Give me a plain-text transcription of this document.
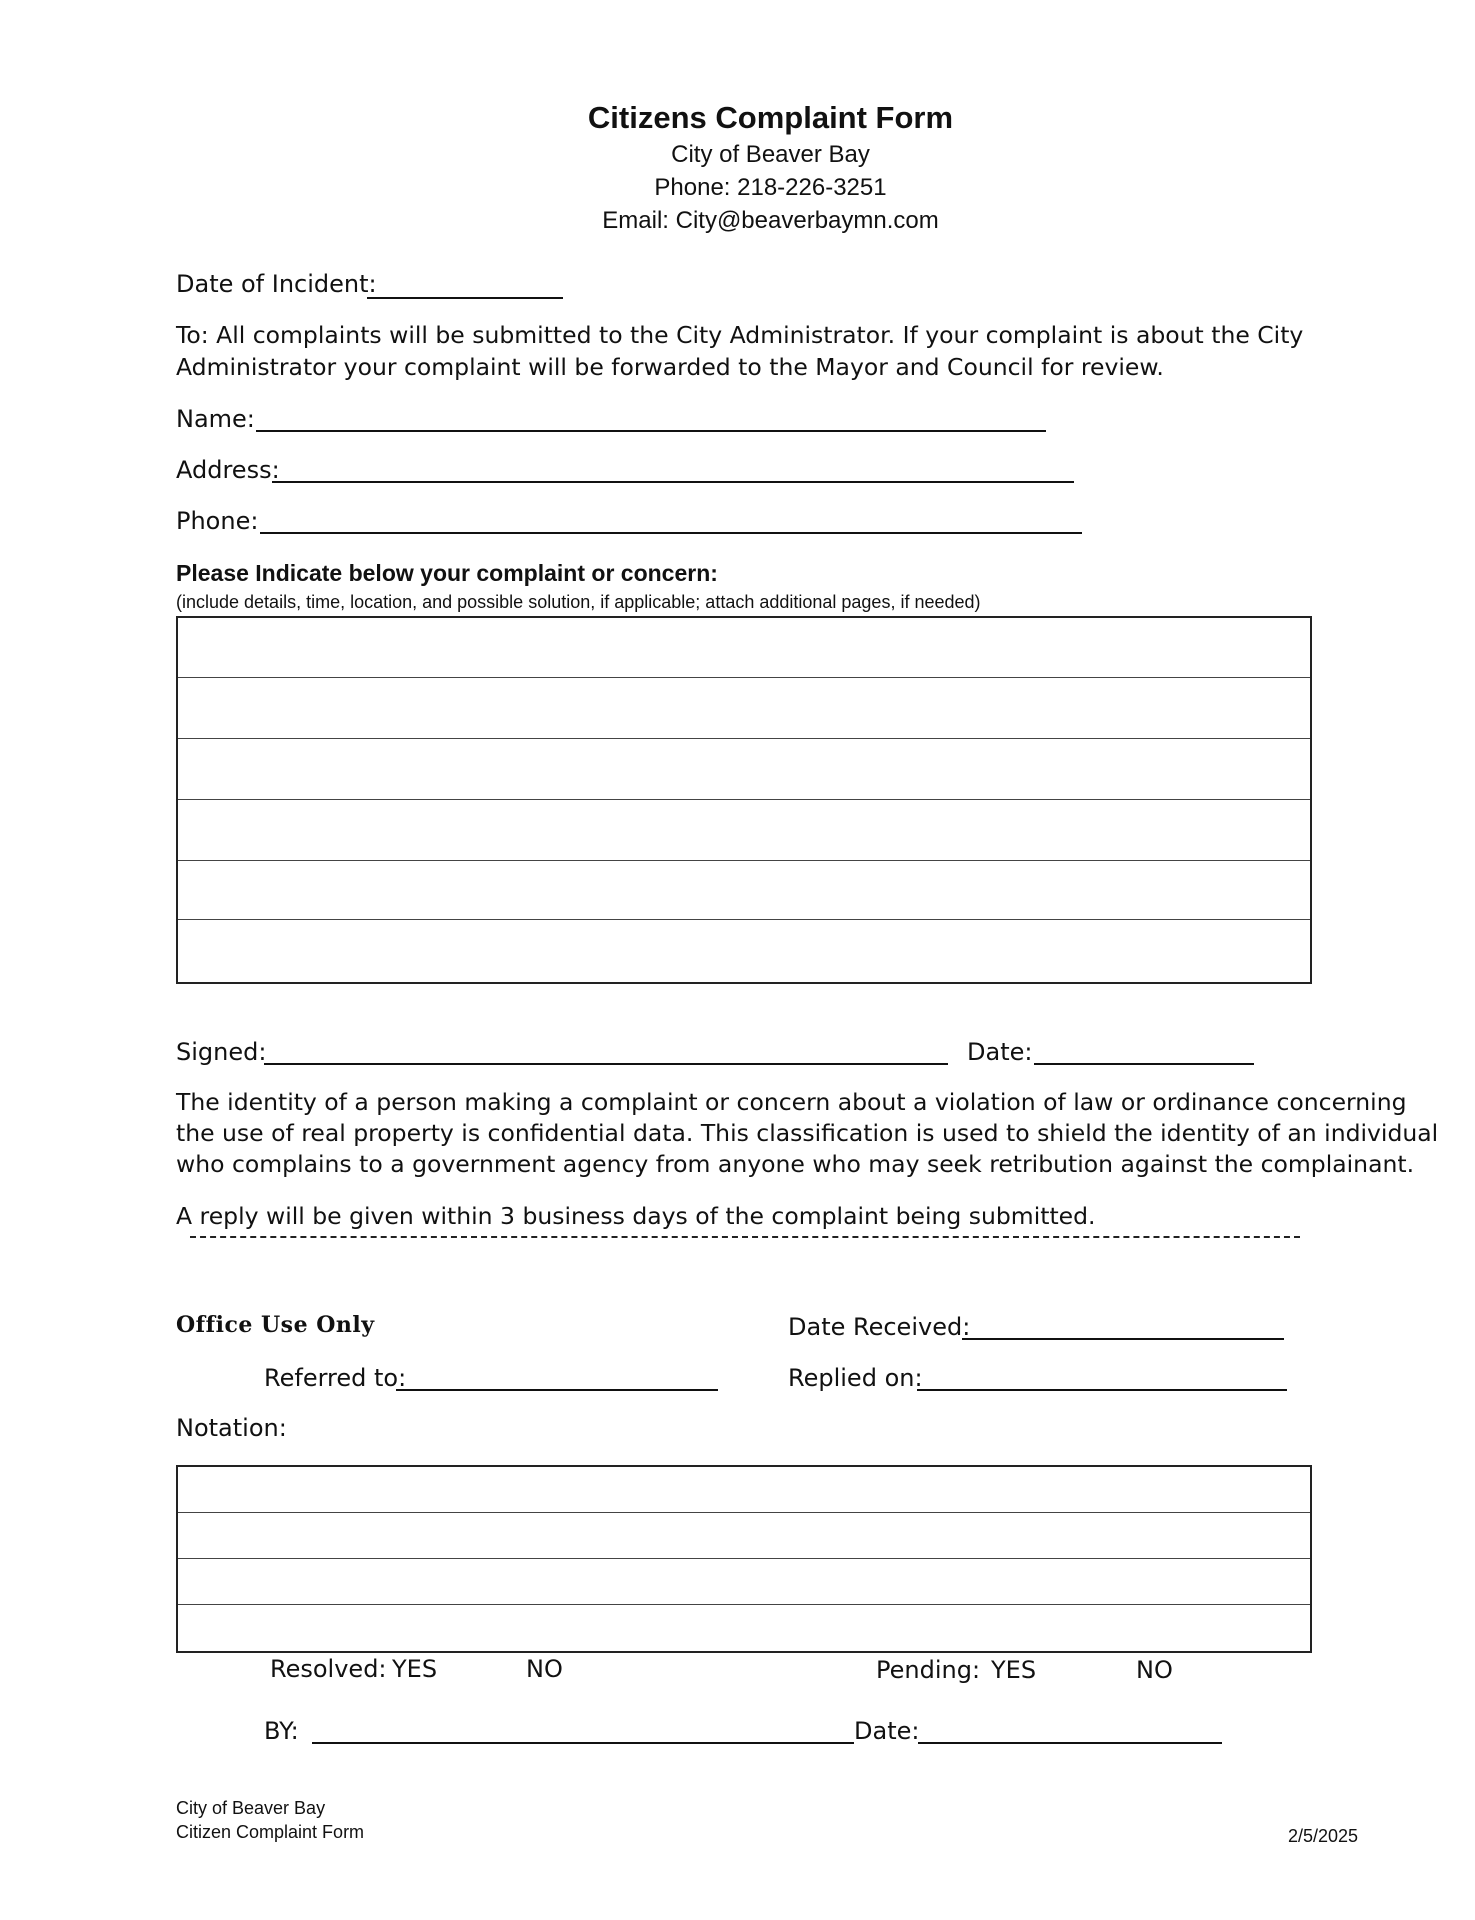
Citizens Complaint Form
City of Beaver Bay
Phone: 218-226-3251
Email: City@beaverbaymn.com
Date of Incident:
To: All complaints will be submitted to the City Administrator. If your complaint is about the City
Administrator your complaint will be forwarded to the Mayor and Council for review.
Name:
Address:
Phone:
Please Indicate below your complaint or concern:
(include details, time, location, and possible solution, if applicable; attach additional pages, if needed)
Signed:	Date:
The identity of a person making a complaint or concern about a violation of law or ordinance concerning
the use of real property is confidential data. This classification is used to shield the identity of an individual
who complains to a government agency from anyone who may seek retribution against the complainant.
A reply will be given within 3 business days of the complaint being submitted.
Office Use Only	Date Received:
Referred to:	Replied on:
Notation:
Resolved: YES	NO	Pending: YES	NO
BY:	Date:
City of Beaver Bay
Citizen Complaint Form	2/5/2025
